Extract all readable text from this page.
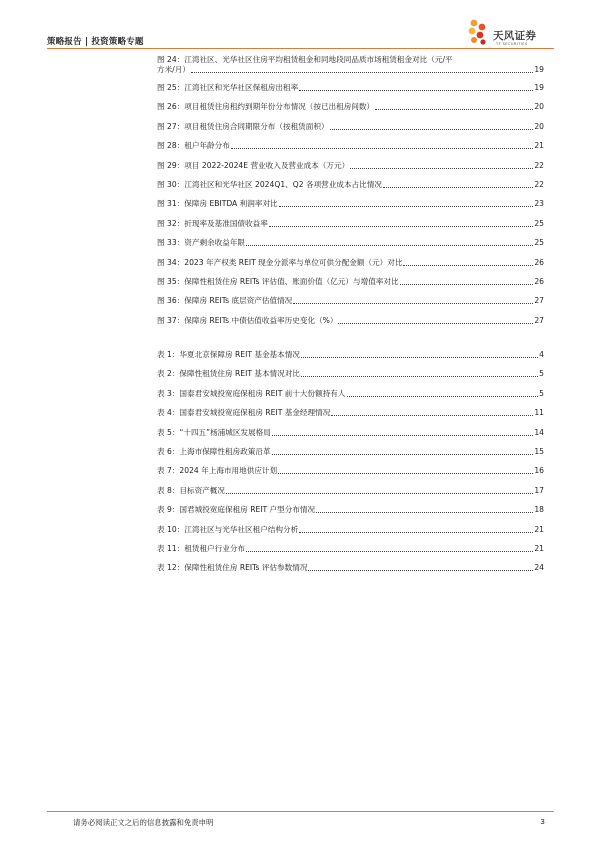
策略报告 | 投资策略专题	天风证券
TF SECURITIES
图 24：江湾社区、光华社区住房平均租赁租金和同地段同品质市场租赁租金对比（元/平
方米/月）	19
图 25：江湾社区和光华社区保租房出租率	19
图 26：项目租赁住房租约到期年份分布情况（按已出租房间数）	20
图 27：项目租赁住房合同期限分布（按租赁面积）	20
图 28：租户年龄分布	21
图 29：项目 2022-2024E 营业收入及营业成本（万元）	22
图 30：江湾社区和光华社区 2024Q1、Q2 各项营业成本占比情况	22
图 31：保障房 EBITDA 利润率对比	23
图 32：折现率及基准国债收益率	25
图 33：资产剩余收益年限	25
图 34：2023 年产权类 REIT 现金分派率与单位可供分配金额（元）对比	26
图 35：保障性租赁住房 REITs 评估值、账面价值（亿元）与增值率对比	26
图 36：保障房 REITs 底层资产估值情况	27
图 37：保障房 REITs 中债估值收益率历史变化（%）	27
表 1：华夏北京保障房 REIT 基金基本情况	4
表 2：保障性租赁住房 REIT 基本情况对比	5
表 3：国泰君安城投宽庭保租房 REIT 前十大份额持有人	5
表 4：国泰君安城投宽庭保租房 REIT 基金经理情况	11
表 5：“十四五”杨浦城区发展格局	14
表 6：上海市保障性租房政策沿革	15
表 7：2024 年上海市用地供应计划	16
表 8：目标资产概况	17
表 9：国君城投宽庭保租房 REIT 户型分布情况	18
表 10：江湾社区与光华社区租户结构分析	21
表 11：租赁租户行业分布	21
表 12：保障性租赁住房 REITs 评估参数情况	24
请务必阅读正文之后的信息披露和免责申明	3
